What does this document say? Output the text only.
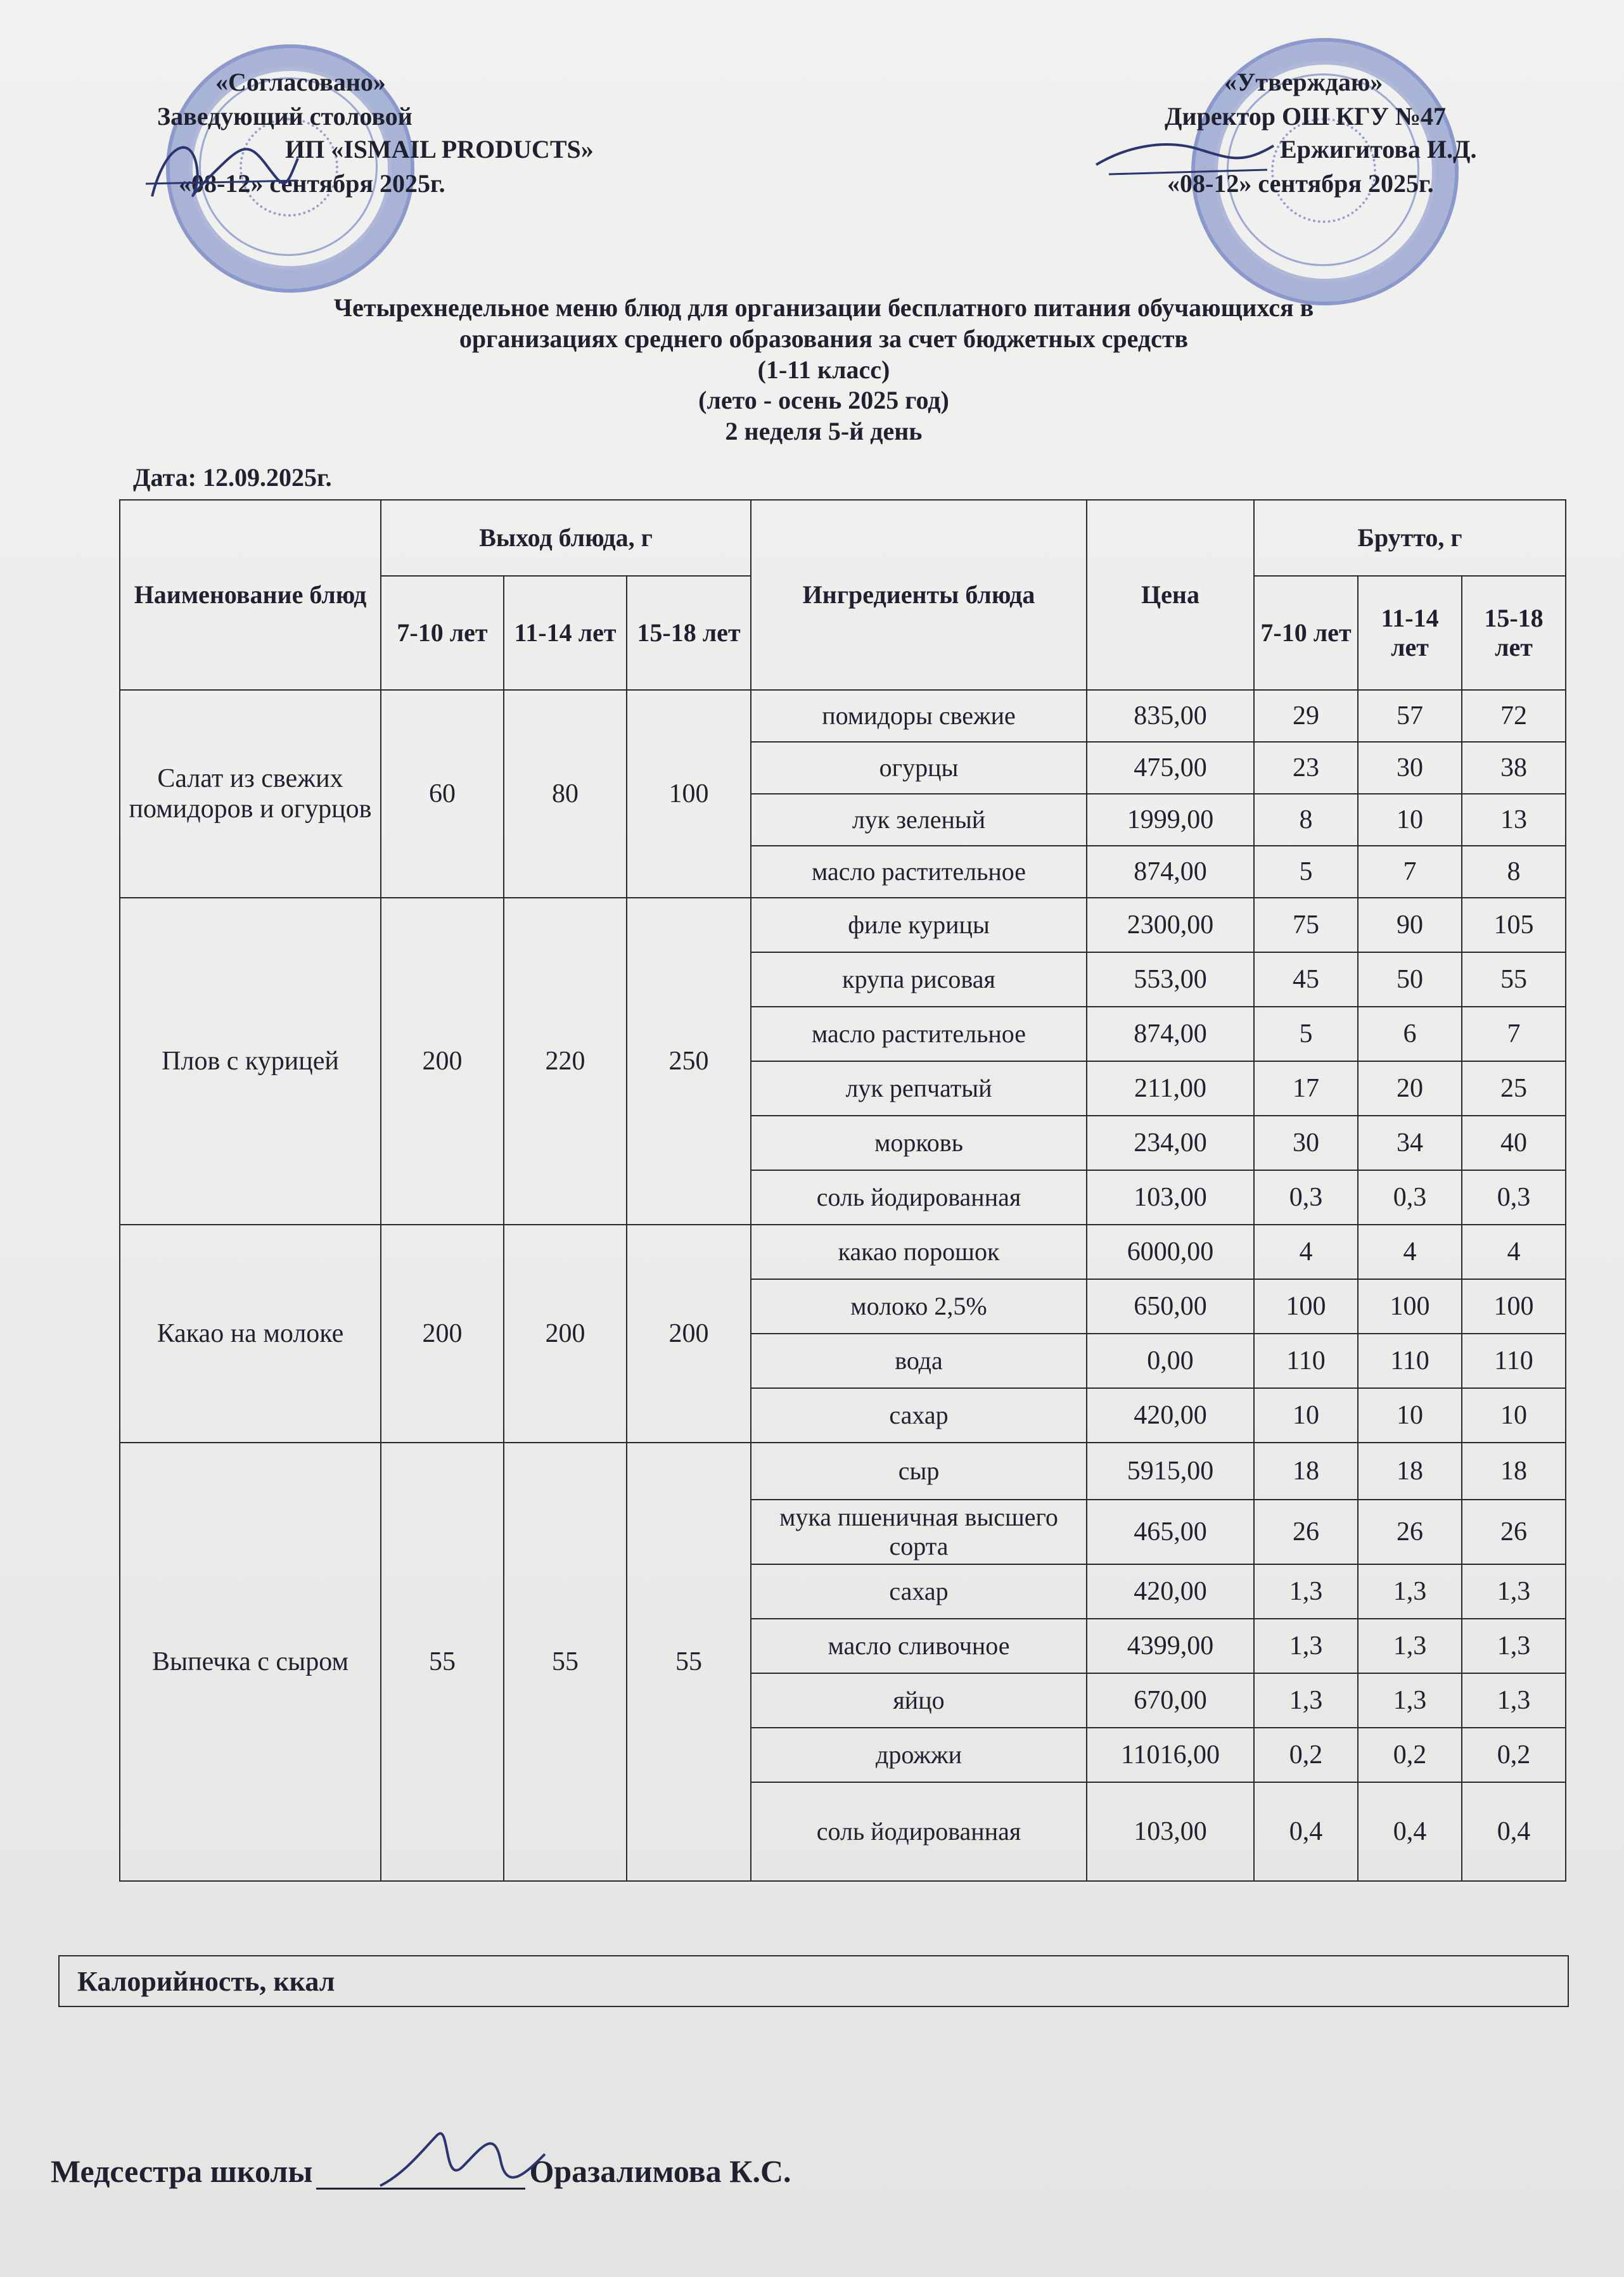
«Согласовано»
Заведующий столовой
ИП «ISMAIL PRODUCTS»
«08-12» сентября 2025г.
«Утверждаю»
Директор ОШ КГУ №47
Ержигитова И.Д.
«08-12» сентября 2025г.
Четырехнедельное меню блюд для организации бесплатного питания обучающихся в
организациях среднего образования за счет бюджетных средств
(1-11 класс)
(лето - осень 2025 год)
2 неделя 5-й день
Дата: 12.09.2025г.
Наименование блюд	Выход блюда, г			Ингредиенты блюда	Цена	Брутто, г		
	7-10 лет	11-14 лет	15-18 лет			7-10 лет	11-14 лет	15-18 лет
Салат из свежих помидоров и огурцов	60	80	100	помидоры свежие	835,00	29	57	72
				огурцы	475,00	23	30	38
				лук зеленый	1999,00	8	10	13
				масло растительное	874,00	5	7	8
Плов с курицей	200	220	250	филе курицы	2300,00	75	90	105
				крупа рисовая	553,00	45	50	55
				масло растительное	874,00	5	6	7
				лук репчатый	211,00	17	20	25
				морковь	234,00	30	34	40
				соль йодированная	103,00	0,3	0,3	0,3
Какао на молоке	200	200	200	какао порошок	6000,00	4	4	4
				молоко 2,5%	650,00	100	100	100
				вода	0,00	110	110	110
				сахар	420,00	10	10	10
Выпечка с сыром	55	55	55	сыр	5915,00	18	18	18
				мука пшеничная высшего сорта	465,00	26	26	26
				сахар	420,00	1,3	1,3	1,3
				масло сливочное	4399,00	1,3	1,3	1,3
				яйцо	670,00	1,3	1,3	1,3
				дрожжи	11016,00	0,2	0,2	0,2
				соль йодированная	103,00	0,4	0,4	0,4
Калорийность, ккал
Медсестра школы	Оразалимова К.С.
